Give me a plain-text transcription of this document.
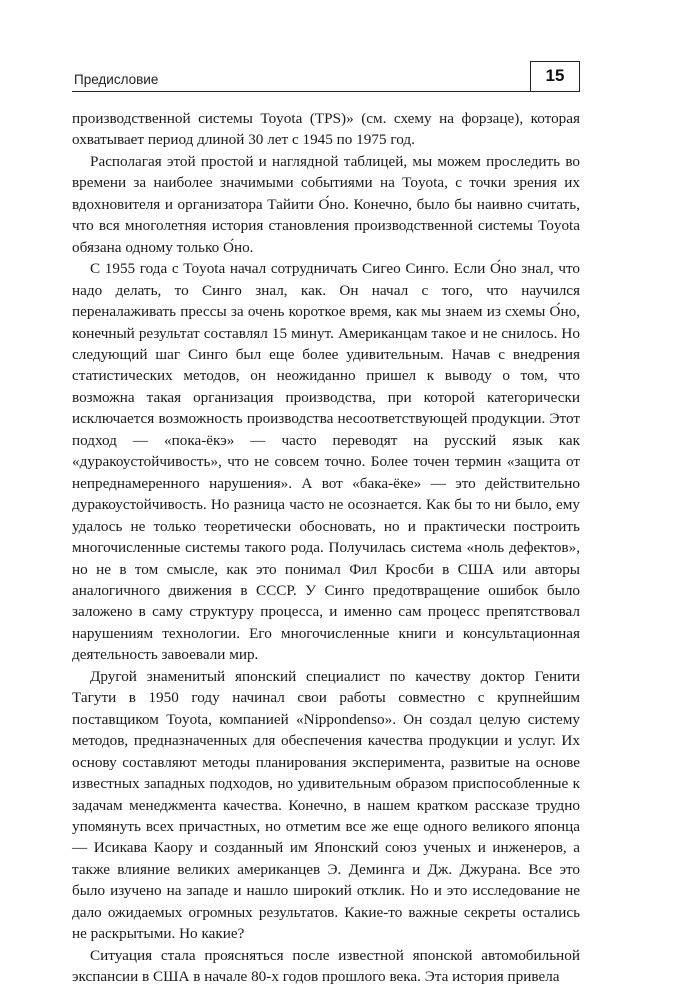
Предисловие	15

производственной системы Toyota (TPS)» (см. схему на форзаце), которая охватывает период длиной 30 лет с 1945 по 1975 год.

Располагая этой простой и наглядной таблицей, мы можем проследить во времени за наиболее значимыми событиями на Toyota, с точки зрения их вдохновителя и организатора Тайити О́но. Конечно, было бы наивно считать, что вся многолетняя история становления производственной системы Toyota обязана одному только О́но.

С 1955 года с Toyota начал сотрудничать Сигео Синго. Если О́но знал, что надо делать, то Синго знал, как. Он начал с того, что научился переналаживать прессы за очень короткое время, как мы знаем из схемы О́но, конечный результат составлял 15 минут. Американцам такое и не снилось. Но следующий шаг Синго был еще более удивительным. Начав с внедрения статистических методов, он неожиданно пришел к выводу о том, что возможна такая организация производства, при которой категорически исключается возможность производства несоответствующей продукции. Этот подход — «пока-ёкэ» — часто переводят на русский язык как «дуракоустойчивость», что не совсем точно. Более точен термин «защита от непреднамеренного нарушения». А вот «бака-ёке» — это действительно дуракоустойчивость. Но разница часто не осознается. Как бы то ни было, ему удалось не только теоретически обосновать, но и практически построить многочисленные системы такого рода. Получилась система «ноль дефектов», но не в том смысле, как это понимал Фил Кросби в США или авторы аналогичного движения в СССР. У Синго предотвращение ошибок было заложено в саму структуру процесса, и именно сам процесс препятствовал нарушениям технологии. Его многочисленные книги и консультационная деятельность завоевали мир.

Другой знаменитый японский специалист по качеству доктор Генити Тагути в 1950 году начинал свои работы совместно с крупнейшим поставщиком Toyota, компанией «Nippondenso». Он создал целую систему методов, предназначенных для обеспечения качества продукции и услуг. Их основу составляют методы планирования эксперимента, развитые на основе известных западных подходов, но удивительным образом приспособленные к задачам менеджмента качества. Конечно, в нашем кратком рассказе трудно упомянуть всех причастных, но отметим все же еще одного великого японца — Исикава Каору и созданный им Японский союз ученых и инженеров, а также влияние великих американцев Э. Деминга и Дж. Джурана. Все это было изучено на западе и нашло широкий отклик. Но и это исследование не дало ожидаемых огромных результатов. Какие-то важные секреты остались не раскрытыми. Но какие?

Ситуация стала проясняться после известной японской автомобильной экспансии в США в начале 80-х годов прошлого века. Эта история привела
